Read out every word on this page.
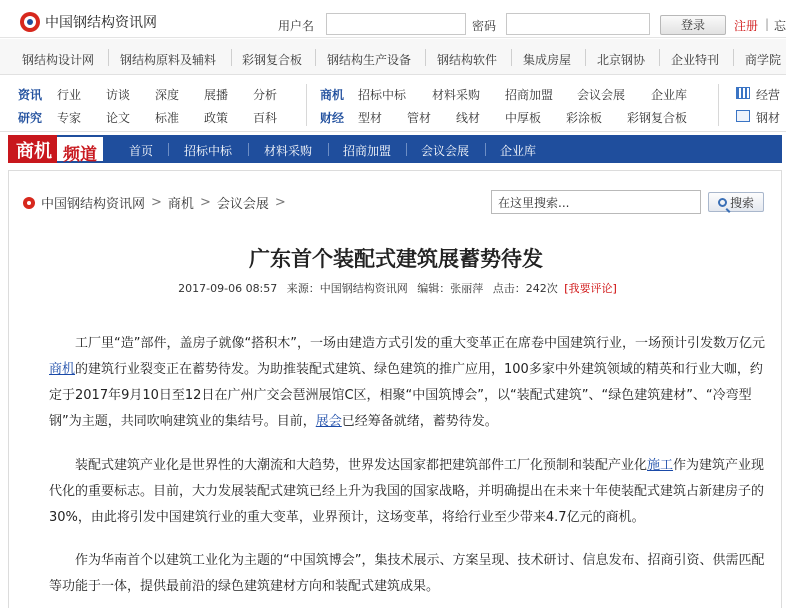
中国钢结构资讯网	用户名	密码	登录	注册 | 忘
钢结构设计网 钢结构原料及辅料 彩钢复合板 钢结构生产设备 钢结构软件 集成房屋 北京钢协 企业特刊 商学院
资讯 行业 访谈 深度 展播 分析
研究 专家 论文 标准 政策 百科
商机 招标中标 材料采购 招商加盟 会议会展 企业库
财经 型材 管材 线材 中厚板 彩涂板 彩钢复合板
经营
钢材
商机 频道	首页	招标中标	材料采购	招商加盟 会议会展	企业库
中国钢结构资讯网 > 商机 > 会议会展 >
在这里搜索...	搜索
广东首个装配式建筑展蓄势待发
2017-09-06 08:57 来源：中国钢结构资讯网 编辑：张丽萍 点击：242次 [我要评论]

工厂里“造”部件，盖房子就像“搭积木”，一场由建造方式引发的重大变革正在席卷中国建筑行业，一场预计引发数万亿元商机的建筑行业裂变正在蓄势待发。为助推装配式建筑、绿色建筑的推广应用，100多家中外建筑领域的精英和行业大咖，约定于2017年9月10日至12日在广州广交会琶洲展馆C区，相聚“中国筑博会”，以“装配式建筑”、“绿色建筑建材”、“冷弯型钢”为主题，共同吹响建筑业的集结号。目前，展会已经筹备就绪，蓄势待发。

装配式建筑产业化是世界性的大潮流和大趋势，世界发达国家都把建筑部件工厂化预制和装配产业化施工作为建筑产业现代化的重要标志。目前，大力发展装配式建筑已经上升为我国的国家战略，并明确提出在未来十年使装配式建筑占新建房子的30%，由此将引发中国建筑行业的重大变革，业界预计，这场变革，将给行业至少带来4.7亿元的商机。

作为华南首个以建筑工业化为主题的“中国筑博会”，集技术展示、方案呈现、技术研讨、信息发布、招商引资、供需匹配等功能于一体，提供最前沿的绿色建筑建材方向和装配式建筑成果。
